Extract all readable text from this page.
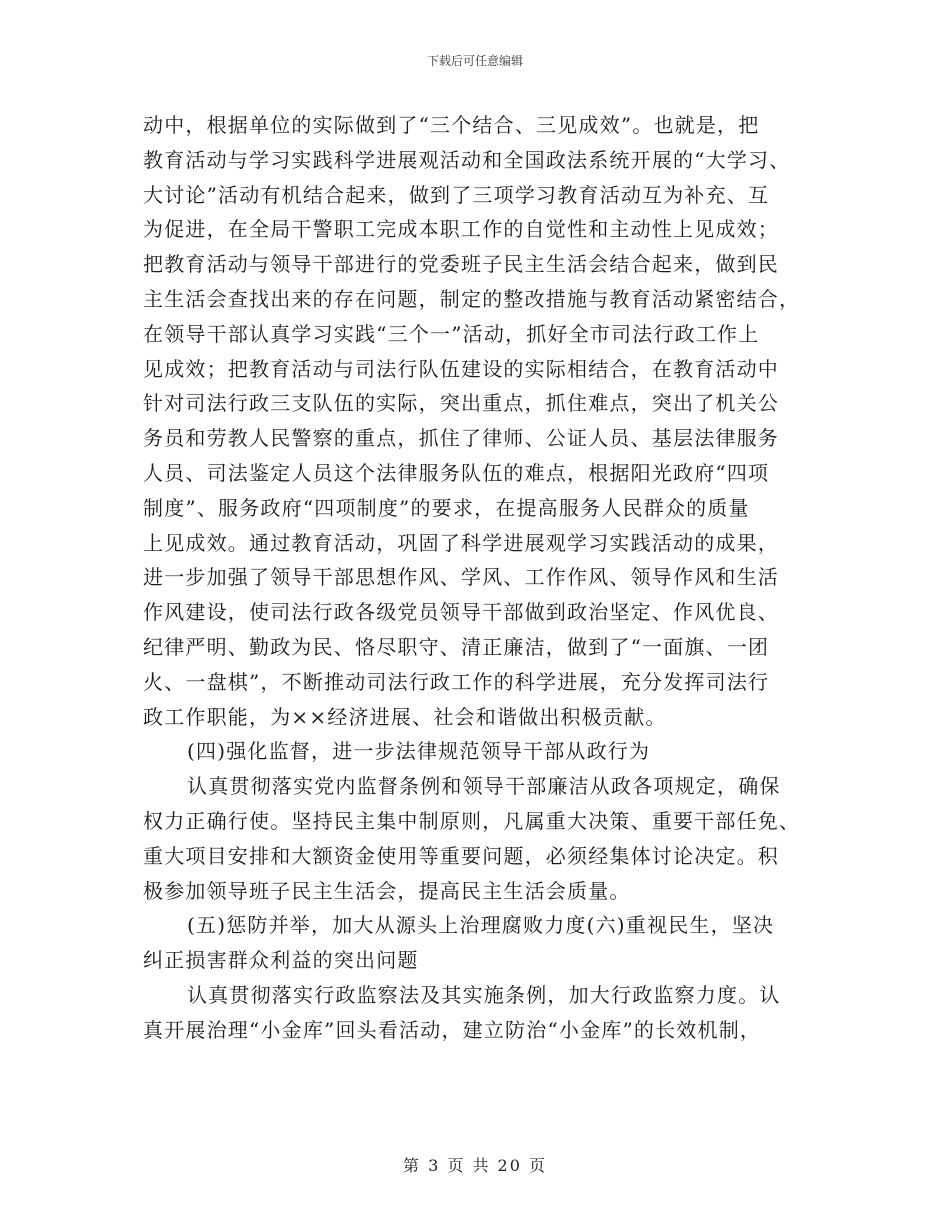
下载后可任意编辑
动中，根据单位的实际做到了“三个结合、三见成效”。也就是，把
教育活动与学习实践科学进展观活动和全国政法系统开展的“大学习、
大讨论”活动有机结合起来，做到了三项学习教育活动互为补充、互
为促进，在全局干警职工完成本职工作的自觉性和主动性上见成效；
把教育活动与领导干部进行的党委班子民主生活会结合起来，做到民
主生活会查找出来的存在问题，制定的整改措施与教育活动紧密结合，
在领导干部认真学习实践“三个一”活动，抓好全市司法行政工作上
见成效；把教育活动与司法行队伍建设的实际相结合，在教育活动中
针对司法行政三支队伍的实际，突出重点，抓住难点，突出了机关公
务员和劳教人民警察的重点，抓住了律师、公证人员、基层法律服务
人员、司法鉴定人员这个法律服务队伍的难点，根据阳光政府“四项
制度”、服务政府“四项制度”的要求，在提高服务人民群众的质量
上见成效。通过教育活动，巩固了科学进展观学习实践活动的成果，
进一步加强了领导干部思想作风、学风、工作作风、领导作风和生活
作风建设，使司法行政各级党员领导干部做到政治坚定、作风优良、
纪律严明、勤政为民、恪尽职守、清正廉洁，做到了“一面旗、一团
火、一盘棋”，不断推动司法行政工作的科学进展，充分发挥司法行
政工作职能，为××经济进展、社会和谐做出积极贡献。
(四)强化监督，进一步法律规范领导干部从政行为
认真贯彻落实党内监督条例和领导干部廉洁从政各项规定，确保
权力正确行使。坚持民主集中制原则，凡属重大决策、重要干部任免、
重大项目安排和大额资金使用等重要问题，必须经集体讨论决定。积
极参加领导班子民主生活会，提高民主生活会质量。
(五)惩防并举，加大从源头上治理腐败力度(六)重视民生，坚决
纠正损害群众利益的突出问题
认真贯彻落实行政监察法及其实施条例，加大行政监察力度。认
真开展治理“小金库”回头看活动，建立防治“小金库”的长效机制，
第 3 页 共 20 页
